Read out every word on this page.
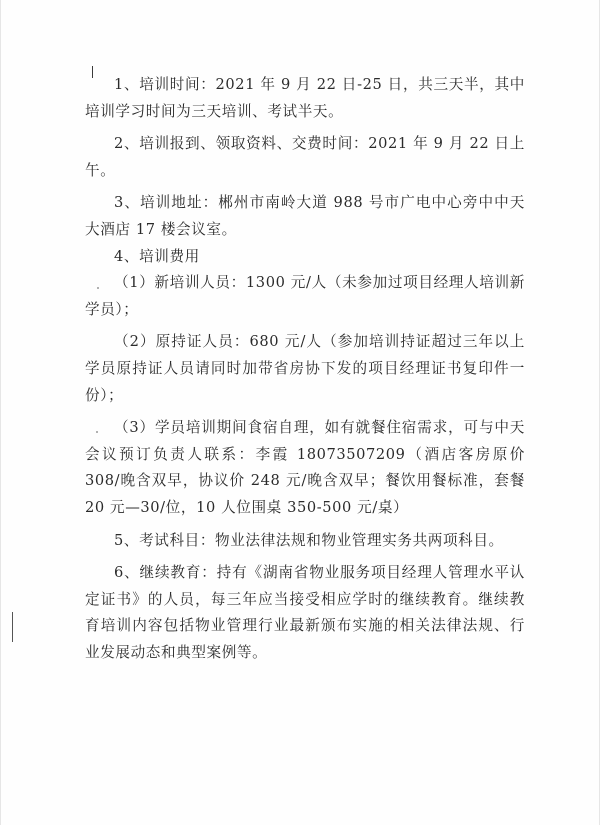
1、培训时间：2021 年 9 月 22 日-25 日，共三天半，其中培训学习时间为三天培训、考试半天。

2、培训报到、领取资料、交费时间：2021 年 9 月 22 日上午。

3、培训地址：郴州市南岭大道 988 号市广电中心旁中中天大酒店 17 楼会议室。

4、培训费用

（1）新培训人员：1300 元/人（未参加过项目经理人培训新学员）；

（2）原持证人员：680 元/人（参加培训持证超过三年以上学员原持证人员请同时加带省房协下发的项目经理证书复印件一份）；

（3）学员培训期间食宿自理，如有就餐住宿需求，可与中天会议预订负责人联系：李霞 18073507209（酒店客房原价 308/晚含双早，协议价 248 元/晚含双早；餐饮用餐标准，套餐 20 元—30/位，10 人位围桌 350-500 元/桌）

5、考试科目：物业法律法规和物业管理实务共两项科目。

6、继续教育：持有《湖南省物业服务项目经理人管理水平认定证书》的人员，每三年应当接受相应学时的继续教育。继续教育培训内容包括物业管理行业最新颁布实施的相关法律法规、行业发展动态和典型案例等。
